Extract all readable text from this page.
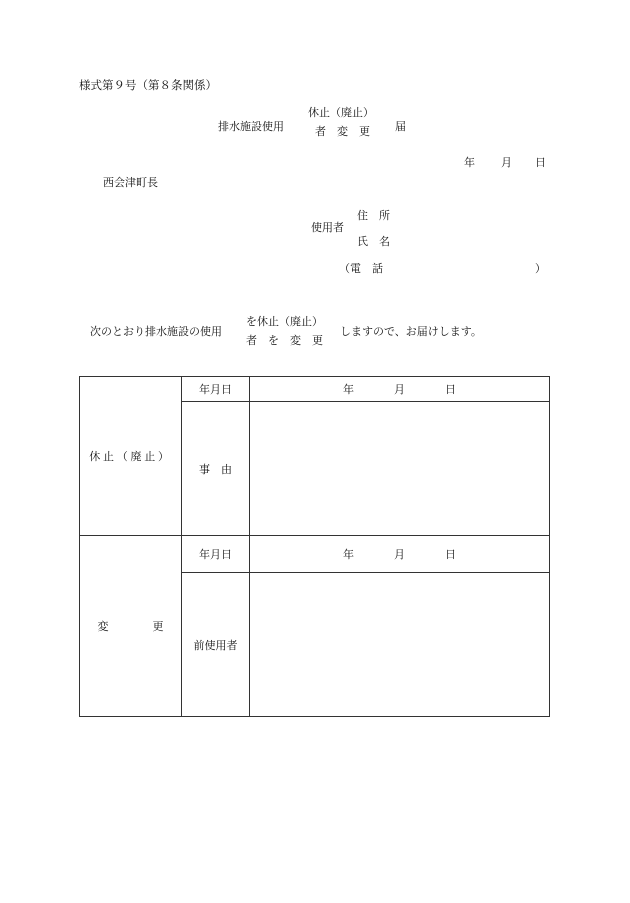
様式第９号（第８条関係）
排水施設使用
休止（廃止）
者　変　更 届
年 月 日
西会津町長
使用者
住　所
氏　名
（電　話	）
次のとおり排水施設の使用
を休止（廃止）
者　を　変　更
しますので、お届けします。
休止（廃止）	年月日	年 月 日
	事　由	
変　　　　更	年月日	年 月 日
	前使用者	
